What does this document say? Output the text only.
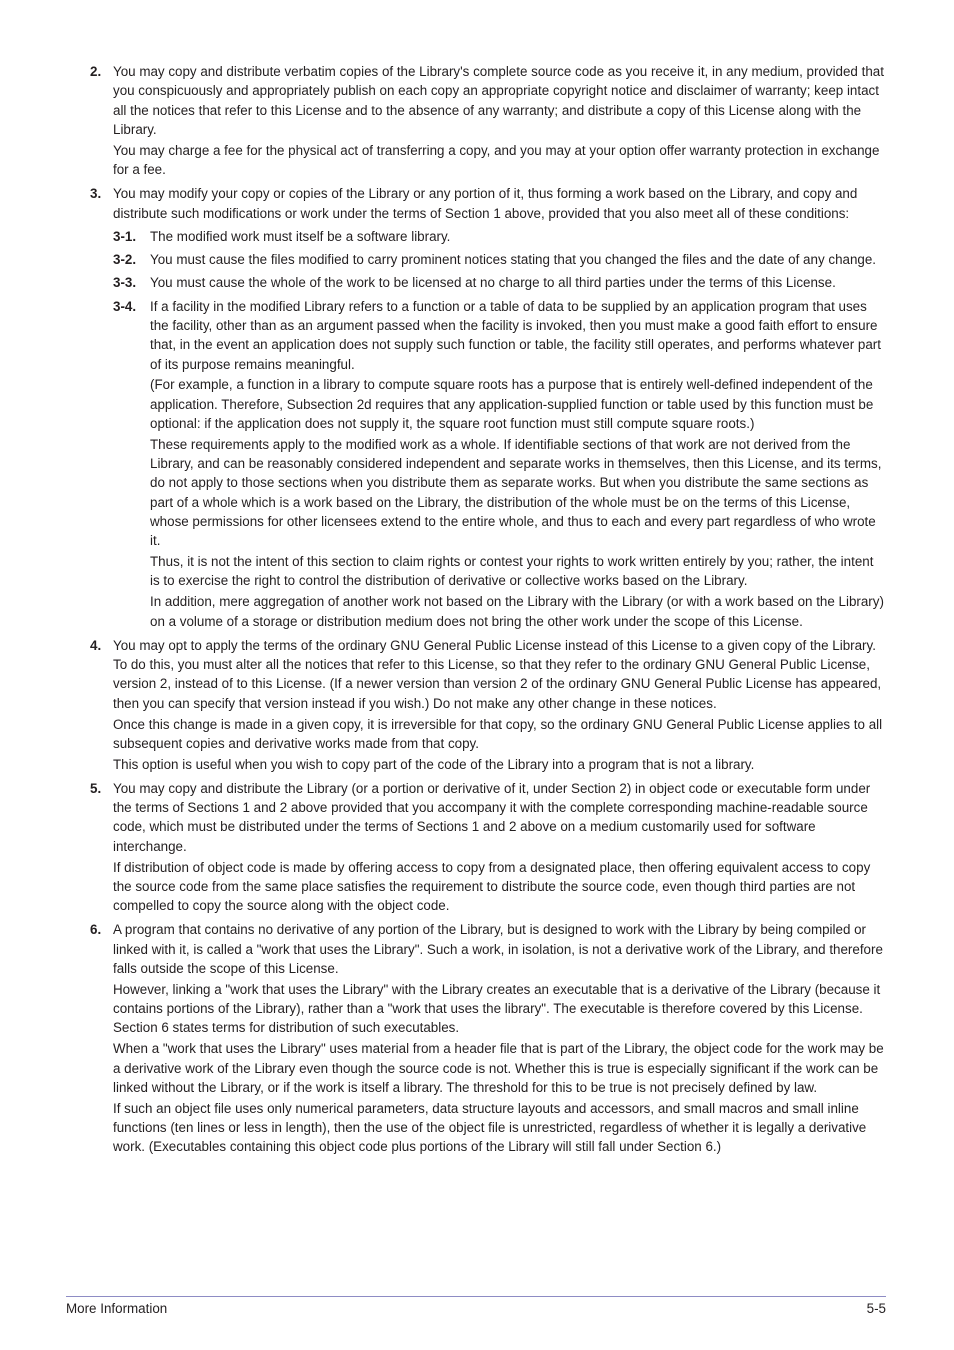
2. You may copy and distribute verbatim copies of the Library's complete source code as you receive it, in any medium, provided that you conspicuously and appropriately publish on each copy an appropriate copyright notice and disclaimer of warranty; keep intact all the notices that refer to this License and to the absence of any warranty; and distribute a copy of this License along with the Library.

You may charge a fee for the physical act of transferring a copy, and you may at your option offer warranty protection in exchange for a fee.

3. You may modify your copy or copies of the Library or any portion of it, thus forming a work based on the Library, and copy and distribute such modifications or work under the terms of Section 1 above, provided that you also meet all of these conditions:

3-1. The modified work must itself be a software library.

3-2. You must cause the files modified to carry prominent notices stating that you changed the files and the date of any change.

3-3. You must cause the whole of the work to be licensed at no charge to all third parties under the terms of this License.

3-4. If a facility in the modified Library refers to a function or a table of data to be supplied by an application program that uses the facility, other than as an argument passed when the facility is invoked, then you must make a good faith effort to ensure that, in the event an application does not supply such function or table, the facility still operates, and performs whatever part of its purpose remains meaningful.

(For example, a function in a library to compute square roots has a purpose that is entirely well-defined independent of the application. Therefore, Subsection 2d requires that any application-supplied function or table used by this function must be optional: if the application does not supply it, the square root function must still compute square roots.)

These requirements apply to the modified work as a whole. If identifiable sections of that work are not derived from the Library, and can be reasonably considered independent and separate works in themselves, then this License, and its terms, do not apply to those sections when you distribute them as separate works. But when you distribute the same sections as part of a whole which is a work based on the Library, the distribution of the whole must be on the terms of this License, whose permissions for other licensees extend to the entire whole, and thus to each and every part regardless of who wrote it.

Thus, it is not the intent of this section to claim rights or contest your rights to work written entirely by you; rather, the intent is to exercise the right to control the distribution of derivative or collective works based on the Library.

In addition, mere aggregation of another work not based on the Library with the Library (or with a work based on the Library) on a volume of a storage or distribution medium does not bring the other work under the scope of this License.

4. You may opt to apply the terms of the ordinary GNU General Public License instead of this License to a given copy of the Library. To do this, you must alter all the notices that refer to this License, so that they refer to the ordinary GNU General Public License, version 2, instead of to this License. (If a newer version than version 2 of the ordinary GNU General Public License has appeared, then you can specify that version instead if you wish.) Do not make any other change in these notices.

Once this change is made in a given copy, it is irreversible for that copy, so the ordinary GNU General Public License applies to all subsequent copies and derivative works made from that copy.

This option is useful when you wish to copy part of the code of the Library into a program that is not a library.

5. You may copy and distribute the Library (or a portion or derivative of it, under Section 2) in object code or executable form under the terms of Sections 1 and 2 above provided that you accompany it with the complete corresponding machine-readable source code, which must be distributed under the terms of Sections 1 and 2 above on a medium customarily used for software interchange.

If distribution of object code is made by offering access to copy from a designated place, then offering equivalent access to copy the source code from the same place satisfies the requirement to distribute the source code, even though third parties are not compelled to copy the source along with the object code.

6. A program that contains no derivative of any portion of the Library, but is designed to work with the Library by being compiled or linked with it, is called a "work that uses the Library". Such a work, in isolation, is not a derivative work of the Library, and therefore falls outside the scope of this License.

However, linking a "work that uses the Library" with the Library creates an executable that is a derivative of the Library (because it contains portions of the Library), rather than a "work that uses the library". The executable is therefore covered by this License. Section 6 states terms for distribution of such executables.

When a "work that uses the Library" uses material from a header file that is part of the Library, the object code for the work may be a derivative work of the Library even though the source code is not. Whether this is true is especially significant if the work can be linked without the Library, or if the work is itself a library. The threshold for this to be true is not precisely defined by law.

If such an object file uses only numerical parameters, data structure layouts and accessors, and small macros and small inline functions (ten lines or less in length), then the use of the object file is unrestricted, regardless of whether it is legally a derivative work. (Executables containing this object code plus portions of the Library will still fall under Section 6.)

More Information	5-5
